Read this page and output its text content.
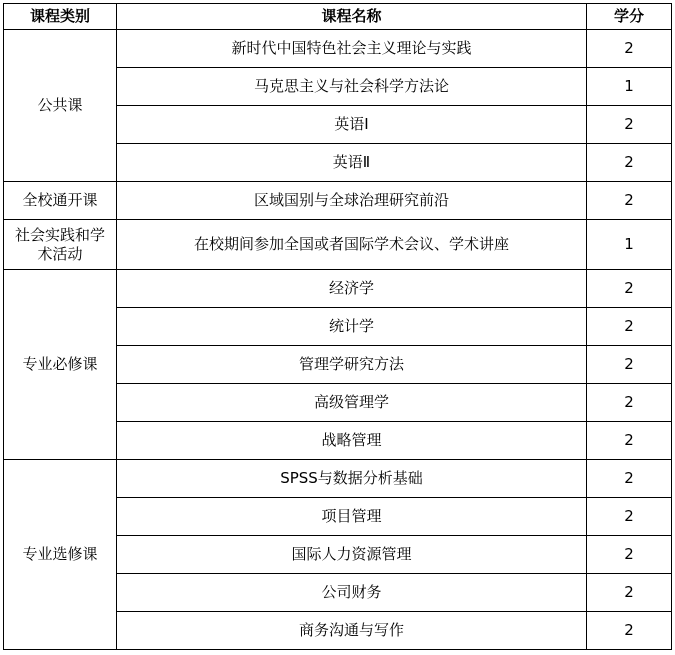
课程类别	课程名称	学分
公共课	新时代中国特色社会主义理论与实践	2
	马克思主义与社会科学方法论	1
	英语Ⅰ	2
	英语Ⅱ	2
全校通开课	区域国别与全球治理研究前沿	2
社会实践和学术活动	在校期间参加全国或者国际学术会议、学术讲座	1
专业必修课	经济学	2
	统计学	2
	管理学研究方法	2
	高级管理学	2
	战略管理	2
专业选修课	SPSS与数据分析基础	2
	项目管理	2
	国际人力资源管理	2
	公司财务	2
	商务沟通与写作	2
